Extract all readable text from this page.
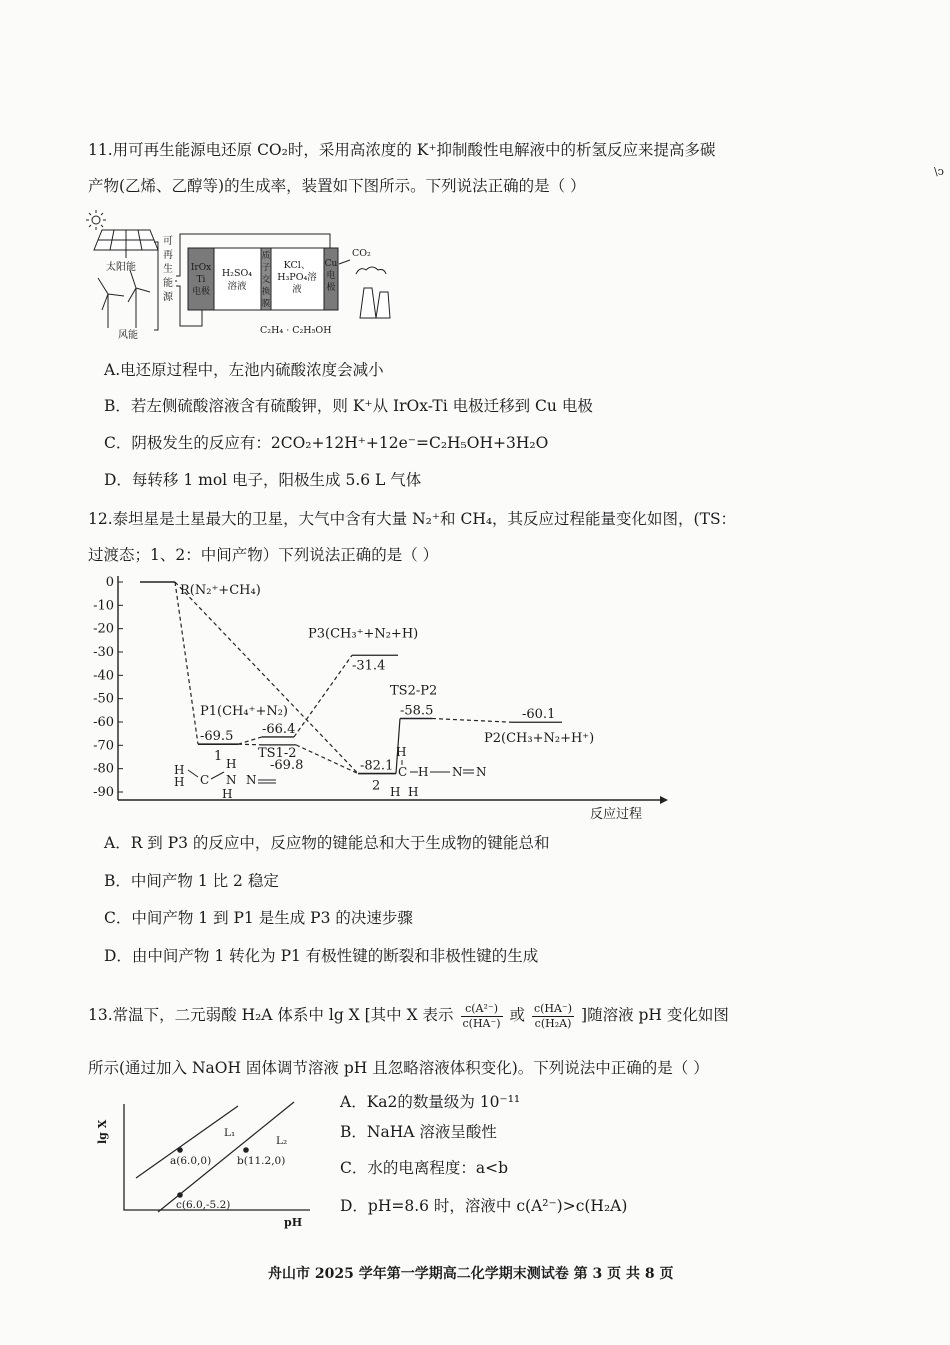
\ↄ
11.用可再生能源电还原 CO₂时，采用高浓度的 K⁺抑制酸性电解液中的析氢反应来提高多碳
产物(乙烯、乙醇等)的生成率，装置如下图所示。下列说法正确的是（ ）
太阳能
风能
可
再
生
能
源
IrOx
Ti
电极
H₂SO₄
溶液
质
子
交
换
膜
KCl、
H₃PO₄溶
液
Cu
电
极
C₂H₄ · C₂H₅OH
CO₂
A.电还原过程中，左池内硫酸浓度会减小
B．若左侧硫酸溶液含有硫酸钾，则 K⁺从 IrOx-Ti 电极迁移到 Cu 电极
C．阴极发生的反应有：2CO₂+12H⁺+12e⁻=C₂H₅OH+3H₂O
D．每转移 1 mol 电子，阳极生成 5.6 L 气体
12.泰坦星是土星最大的卫星，大气中含有大量 N₂⁺和 CH₄，其反应过程能量变化如图，(TS：
过渡态；1、2：中间产物）下列说法正确的是（ ）
反应过程
0
-10
-20
-30
-40
-50
-60
-70
-80
-90
R(N₂⁺+CH₄)
-69.5
1
P1(CH₄⁺+N₂)
-66.4
P3(CH₃⁺+N₂+H)
-31.4
TS1-2
-69.8	-82.1
2
TS2-P2
-58.5	-60.1
P2(CH₃+N₂+H⁺)
H
H
H
H
C N N
H
H H
C H N N
A．R 到 P3 的反应中，反应物的键能总和大于生成物的键能总和
B．中间产物 1 比 2 稳定
C．中间产物 1 到 P1 是生成 P3 的决速步骤
D．由中间产物 1 转化为 P1 有极性键的断裂和非极性键的生成
13.常温下，二元弱酸 H₂A 体系中 lg X [其中 X 表示 $\frac{\text{c(A²⁻)}}{c(HA^-)}$ 或 $\frac{c(HA^-)}{\text{c(H₂A)}}$ ]随溶液 pH 变化如图
所示(通过加入 NaOH 固体调节溶液 pH 且忽略溶液体积变化)。下列说法中正确的是（ ）
lg X
pH
L₁
L₂
a(6.0,0) b(11.2,0)
c(6.0,-5.2)
A．Ka2的数量级为 10⁻¹¹
B．NaHA 溶液呈酸性
C．水的电离程度：a<b
D．pH=8.6 时，溶液中 c(A²⁻)>c(H₂A)
舟山市 2025 学年第一学期高二化学期末测试卷 第 3 页 共 8 页
